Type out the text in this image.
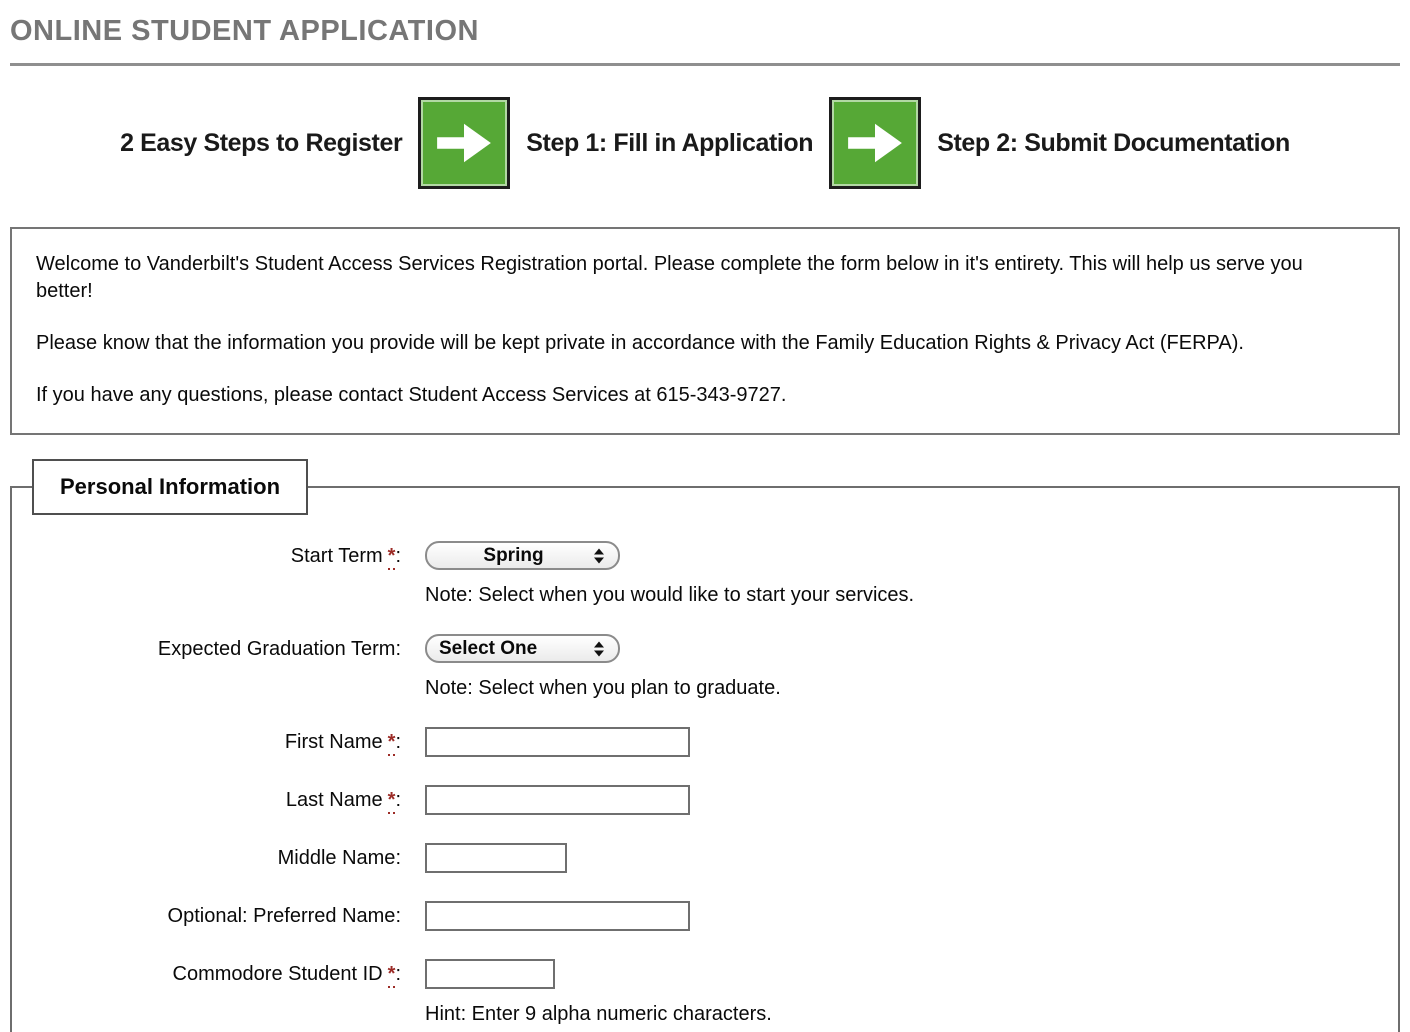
ONLINE STUDENT APPLICATION
2 Easy Steps to Register	Step 1: Fill in Application	Step 2: Submit Documentation

Welcome to Vanderbilt's Student Access Services Registration portal. Please complete the form below in it's entirety. This will help us serve you better!

Please know that the information you provide will be kept private in accordance with the Family Education Rights & Privacy Act (FERPA).

If you have any questions, please contact Student Access Services at 615-343-9727.

Personal Information
Start Term *:	Spring
Note: Select when you would like to start your services.
Expected Graduation Term: Select One
Note: Select when you plan to graduate.
First Name *:
Last Name *:
Middle Name:
Optional: Preferred Name:
Commodore Student ID *:
Hint: Enter 9 alpha numeric characters.
